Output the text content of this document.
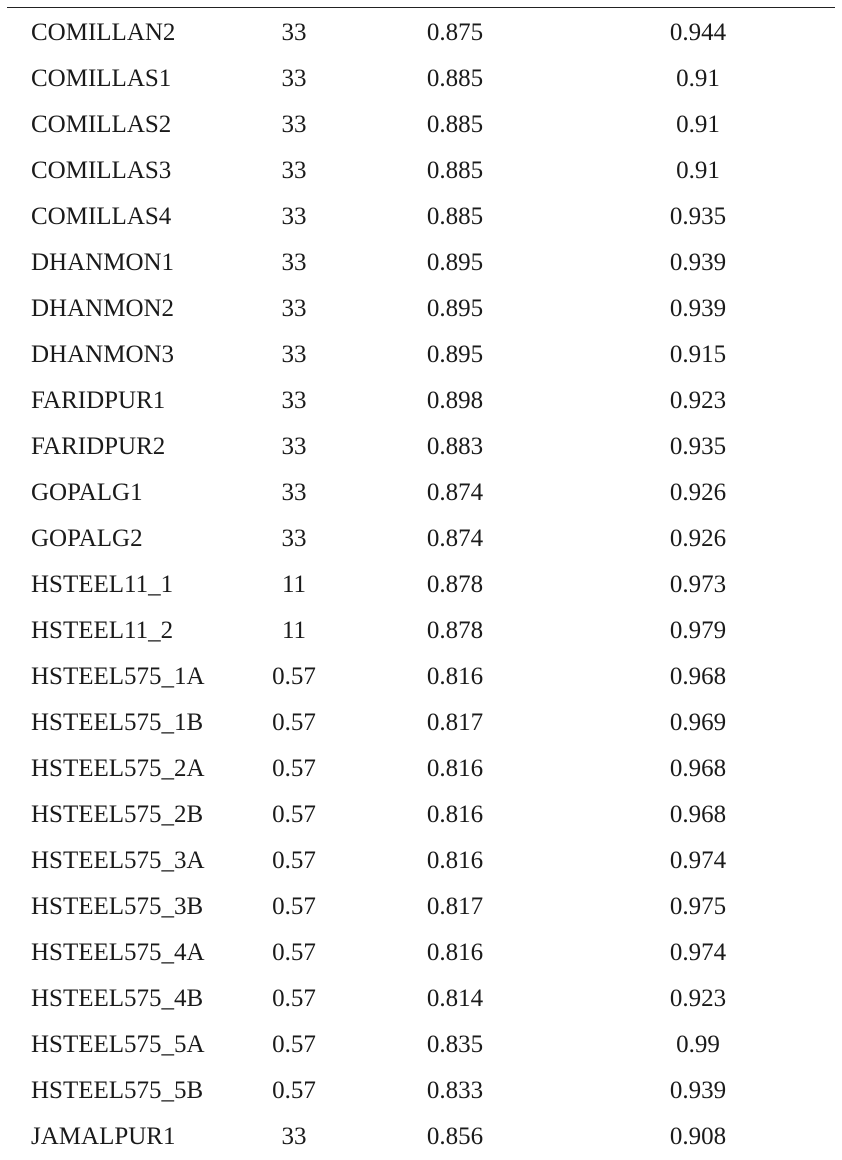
COMILLAN2	33	0.875	0.944
COMILLAS1	33	0.885	0.91
COMILLAS2	33	0.885	0.91
COMILLAS3	33	0.885	0.91
COMILLAS4	33	0.885	0.935
DHANMON1	33	0.895	0.939
DHANMON2	33	0.895	0.939
DHANMON3	33	0.895	0.915
FARIDPUR1	33	0.898	0.923
FARIDPUR2	33	0.883	0.935
GOPALG1	33	0.874	0.926
GOPALG2	33	0.874	0.926
HSTEEL11_1	11	0.878	0.973
HSTEEL11_2	11	0.878	0.979
HSTEEL575_1A	0.57	0.816	0.968
HSTEEL575_1B	0.57	0.817	0.969
HSTEEL575_2A	0.57	0.816	0.968
HSTEEL575_2B	0.57	0.816	0.968
HSTEEL575_3A	0.57	0.816	0.974
HSTEEL575_3B	0.57	0.817	0.975
HSTEEL575_4A	0.57	0.816	0.974
HSTEEL575_4B	0.57	0.814	0.923
HSTEEL575_5A	0.57	0.835	0.99
HSTEEL575_5B	0.57	0.833	0.939
JAMALPUR1	33	0.856	0.908
